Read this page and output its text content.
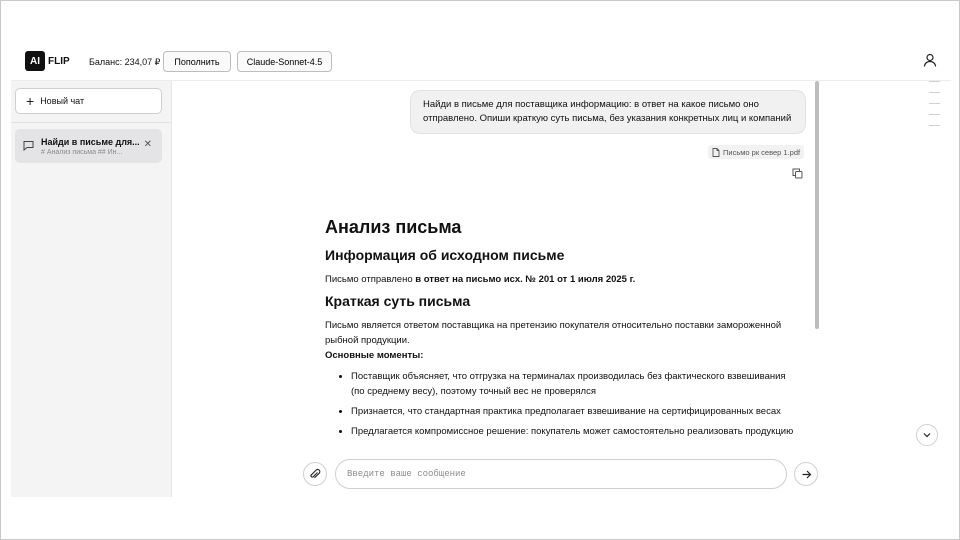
AI FLIP Баланс: 234,07 ₽	Пополнить	Claude-Sonnet-4.5
+ Новый чат
Найди в письме для...
# Анализ письма ## Ин...
✕
Найди в письме для поставщика информацию: в ответ на какое письмо оно отправлено. Опиши краткую суть письма, без указания конкретных лиц и компаний
Письмо рк север 1.pdf
Анализ письма
Информация об исходном письме

Письмо отправлено в ответ на письмо исх. № 201 от 1 июля 2025 г.

Краткая суть письма

Письмо является ответом поставщика на претензию покупателя относительно поставки замороженной рыбной продукции.

Основные моменты:

• Поставщик объясняет, что отгрузка на терминалах производилась без фактического взвешивания (по среднему весу), поэтому точный вес не проверялся
• Признается, что стандартная практика предполагает взвешивание на сертифицированных весах
• Предлагается компромиссное решение: покупатель может самостоятельно реализовать продукцию
Введите ваше сообщение
